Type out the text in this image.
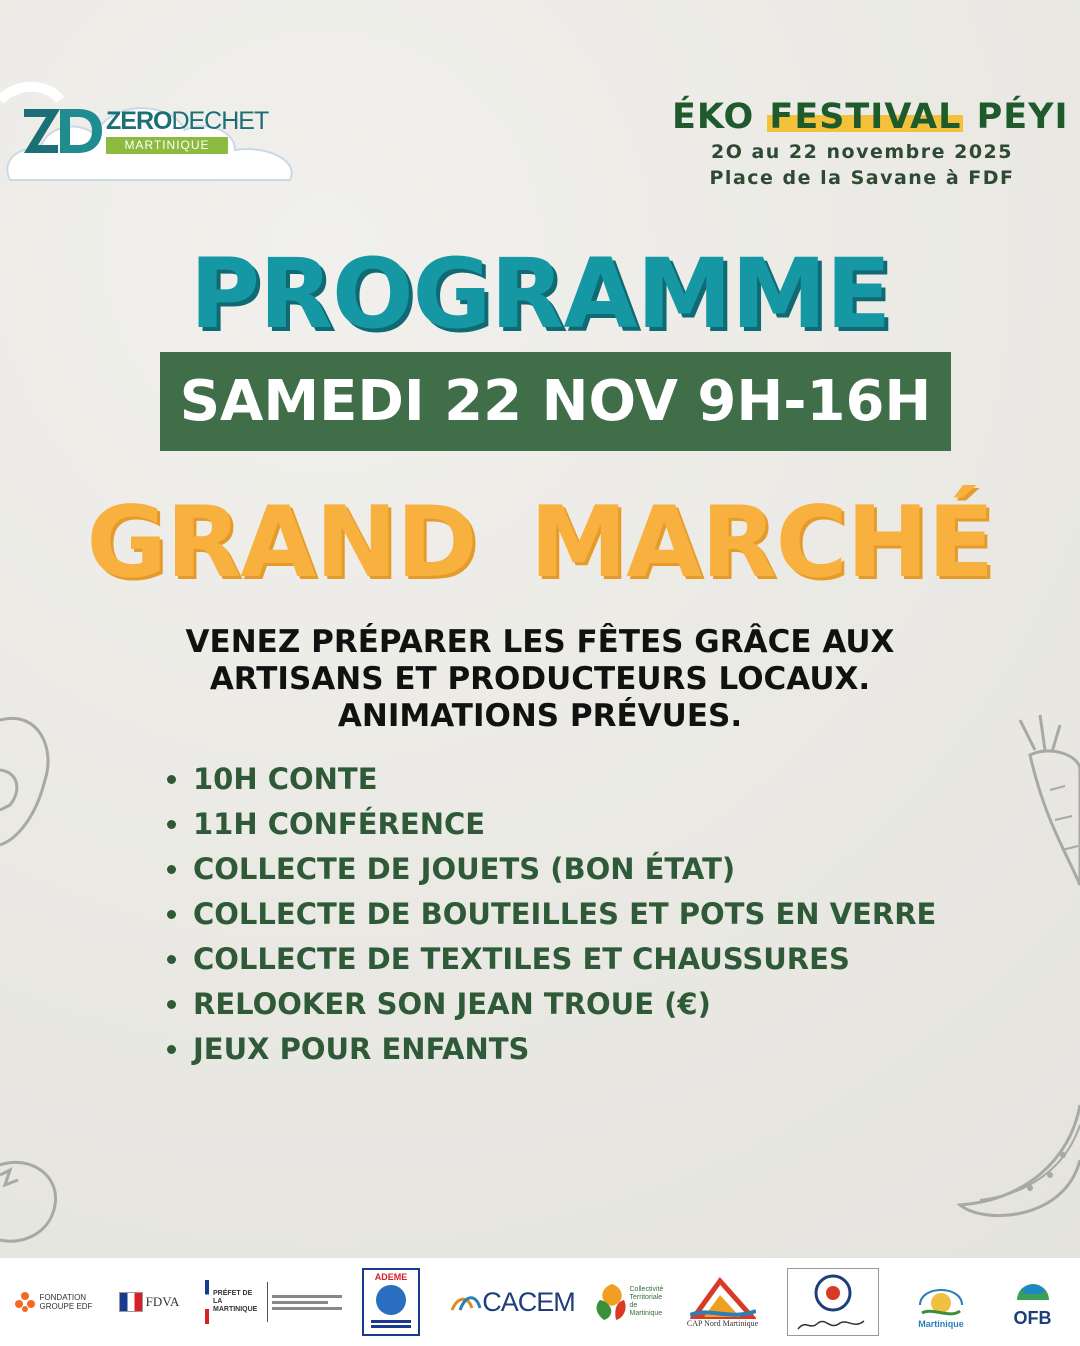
ZERODECHET
MARTINIQUE
ÉKO FESTIVAL PÉYI
2O au 22 novembre 2025
Place de la Savane à FDF
PROGRAMME
SAMEDI 22 NOV 9H-16H
GRAND MARCHÉ
VENEZ PRÉPARER LES FÊTES GRÂCE AUX
ARTISANS ET PRODUCTEURS LOCAUX.
ANIMATIONS PRÉVUES.
10H CONTE
11H CONFÉRENCE
COLLECTE DE JOUETS (BON ÉTAT)
COLLECTE DE BOUTEILLES ET POTS EN VERRE
COLLECTE DE TEXTILES ET CHAUSSURES
RELOOKER SON JEAN TROUE (€)
JEUX POUR ENFANTS
FONDATION
GROUPE EDF	FDVA
PRÉFET DE LA MARTINIQUE
ADEME
CACEM	Collectivité Territoriale de Martinique
CAP Nord Martinique	Martinique	OFB
